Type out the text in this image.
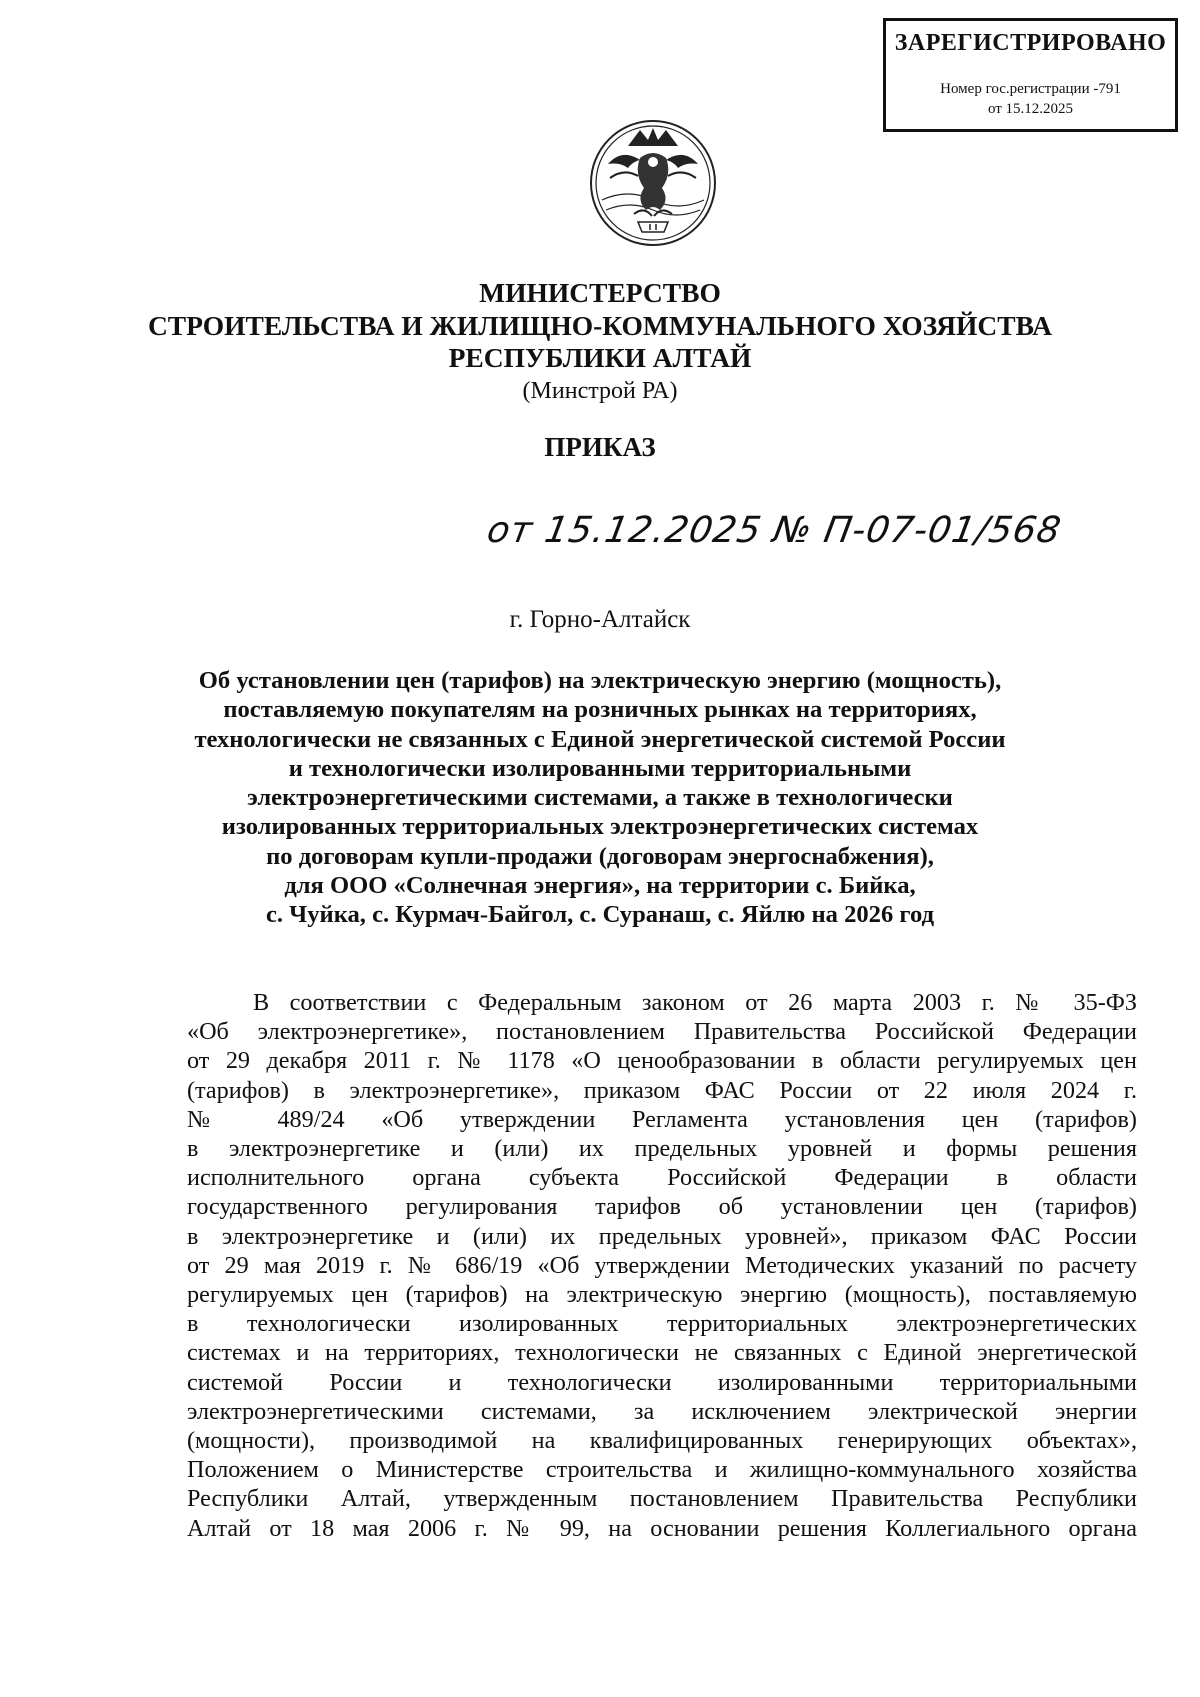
ЗАРЕГИСТРИРОВАНО
Номер гос.регистрации -791
от 15.12.2025
МИНИСТЕРСТВО
СТРОИТЕЛЬСТВА И ЖИЛИЩНО-КОММУНАЛЬНОГО ХОЗЯЙСТВА
РЕСПУБЛИКИ АЛТАЙ
(Минстрой РА)
ПРИКАЗ
от 15.12.2025 № П-07-01/568
г. Горно-Алтайск
Об установлении цен (тарифов) на электрическую энергию (мощность),
поставляемую покупателям на розничных рынках на территориях,
технологически не связанных с Единой энергетической системой России
и технологически изолированными территориальными
электроэнергетическими системами, а также в технологически
изолированных территориальных электроэнергетических системах
по договорам купли-продажи (договорам энергоснабжения),
для ООО «Солнечная энергия», на территории с. Бийка,
с. Чуйка, с. Курмач-Байгол, с. Суранаш, с. Яйлю на 2026 год
В соответствии с Федеральным законом от 26 марта 2003 г. № 35-ФЗ
«Об электроэнергетике», постановлением Правительства Российской Федерации
от 29 декабря 2011 г. № 1178 «О ценообразовании в области регулируемых цен
(тарифов) в электроэнергетике», приказом ФАС России от 22 июля 2024 г.
№ 489/24 «Об утверждении Регламента установления цен (тарифов)
в электроэнергетике и (или) их предельных уровней и формы решения
исполнительного органа субъекта Российской Федерации в области
государственного регулирования тарифов об установлении цен (тарифов)
в электроэнергетике и (или) их предельных уровней», приказом ФАС России
от 29 мая 2019 г. № 686/19 «Об утверждении Методических указаний по расчету
регулируемых цен (тарифов) на электрическую энергию (мощность), поставляемую
в технологически изолированных территориальных электроэнергетических
системах и на территориях, технологически не связанных с Единой энергетической
системой России и технологически изолированными территориальными
электроэнергетическими системами, за исключением электрической энергии
(мощности), производимой на квалифицированных генерирующих объектах»,
Положением о Министерстве строительства и жилищно-коммунального хозяйства
Республики Алтай, утвержденным постановлением Правительства Республики
Алтай от 18 мая 2006 г. № 99, на основании решения Коллегиального органа
